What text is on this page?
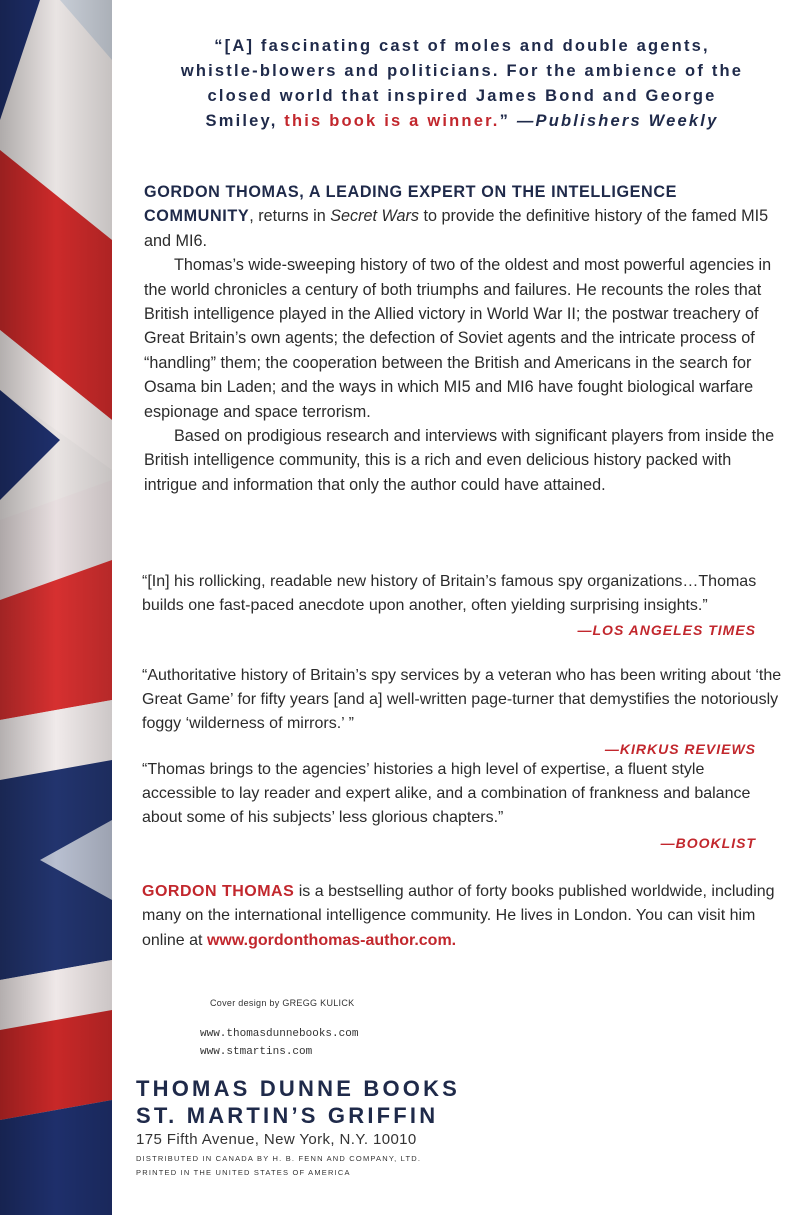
“[A] fascinating cast of moles and double agents, whistle-blowers and politicians. For the ambience of the closed world that inspired James Bond and George Smiley, this book is a winner.” —Publishers Weekly

GORDON THOMAS, A LEADING EXPERT ON THE INTELLIGENCE COMMUNITY, returns in Secret Wars to provide the definitive history of the famed MI5 and MI6.

Thomas’s wide-sweeping history of two of the oldest and most powerful agencies in the world chronicles a century of both triumphs and failures. He recounts the roles that British intelligence played in the Allied victory in World War II; the postwar treachery of Great Britain’s own agents; the defection of Soviet agents and the intricate process of “handling” them; the cooperation between the British and Americans in the search for Osama bin Laden; and the ways in which MI5 and MI6 have fought biological warfare espionage and space terrorism.

Based on prodigious research and interviews with significant players from inside the British intelligence community, this is a rich and even delicious history packed with intrigue and information that only the author could have attained.

“[In] his rollicking, readable new history of Britain’s famous spy organizations…Thomas builds one fast-paced anecdote upon another, often yielding surprising insights.”
—LOS ANGELES TIMES
“Authoritative history of Britain’s spy services by a veteran who has been writing about ‘the Great Game’ for fifty years [and a] well-written page-turner that demystifies the notoriously foggy ‘wilderness of mirrors.’ ”
—KIRKUS REVIEWS
“Thomas brings to the agencies’ histories a high level of expertise, a fluent style accessible to lay reader and expert alike, and a combination of frankness and balance about some of his subjects’ less glorious chapters.”
—BOOKLIST
GORDON THOMAS is a bestselling author of forty books published worldwide, including many on the international intelligence community. He lives in London. You can visit him online at www.gordonthomas-author.com.
Cover design by GREGG KULICK
www.thomasdunnebooks.com
www.stmartins.com
THOMAS DUNNE BOOKS
ST. MARTIN’S GRIFFIN
175 Fifth Avenue, New York, N.Y. 10010
DISTRIBUTED IN CANADA BY H. B. FENN AND COMPANY, LTD.
PRINTED IN THE UNITED STATES OF AMERICA
